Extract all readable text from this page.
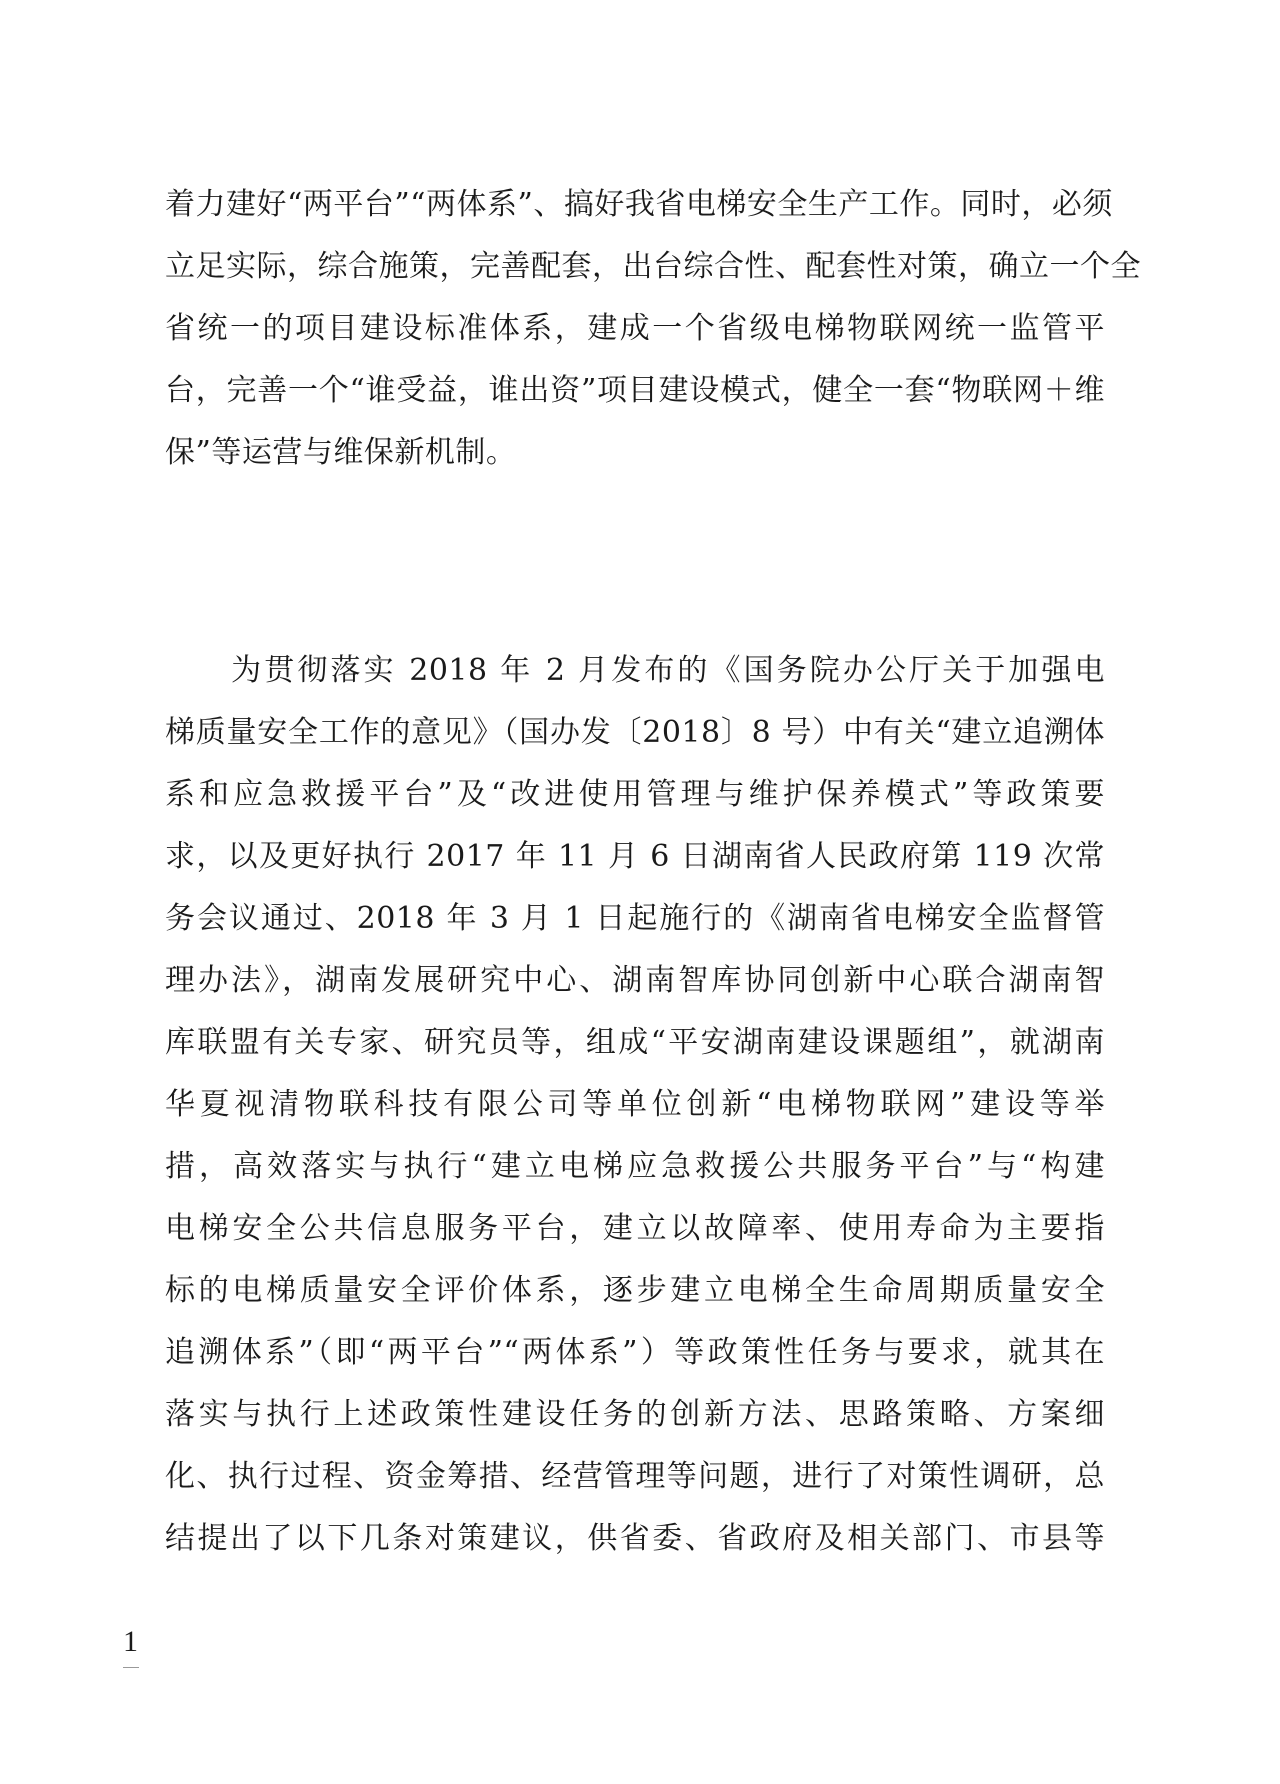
着力建好“两平台”“两体系”、搞好我省电梯安全生产工作。同时，必须
立足实际，综合施策，完善配套，出台综合性、配套性对策，确立一个全
省统一的项目建设标准体系，建成一个省级电梯物联网统一监管平
台，完善一个“谁受益，谁出资”项目建设模式，健全一套“物联网＋维
保”等运营与维保新机制。
　　为贯彻落实 2018 年 2 月发布的《国务院办公厅关于加强电
梯质量安全工作的意见》（国办发〔2018〕8 号）中有关“建立追溯体
系和应急救援平台”及“改进使用管理与维护保养模式”等政策要
求，以及更好执行 2017 年 11 月 6 日湖南省人民政府第 119 次常
务会议通过、2018 年 3 月 1 日起施行的《湖南省电梯安全监督管
理办法》，湖南发展研究中心、湖南智库协同创新中心联合湖南智
库联盟有关专家、研究员等，组成“平安湖南建设课题组”，就湖南
华夏视清物联科技有限公司等单位创新“电梯物联网”建设等举
措，高效落实与执行“建立电梯应急救援公共服务平台”与“构建
电梯安全公共信息服务平台，建立以故障率、使用寿命为主要指
标的电梯质量安全评价体系，逐步建立电梯全生命周期质量安全
追溯体系”（即“两平台”“两体系”）等政策性任务与要求，就其在
落实与执行上述政策性建设任务的创新方法、思路策略、方案细
化、执行过程、资金筹措、经营管理等问题，进行了对策性调研，总
结提出了以下几条对策建议，供省委、省政府及相关部门、市县等
1
